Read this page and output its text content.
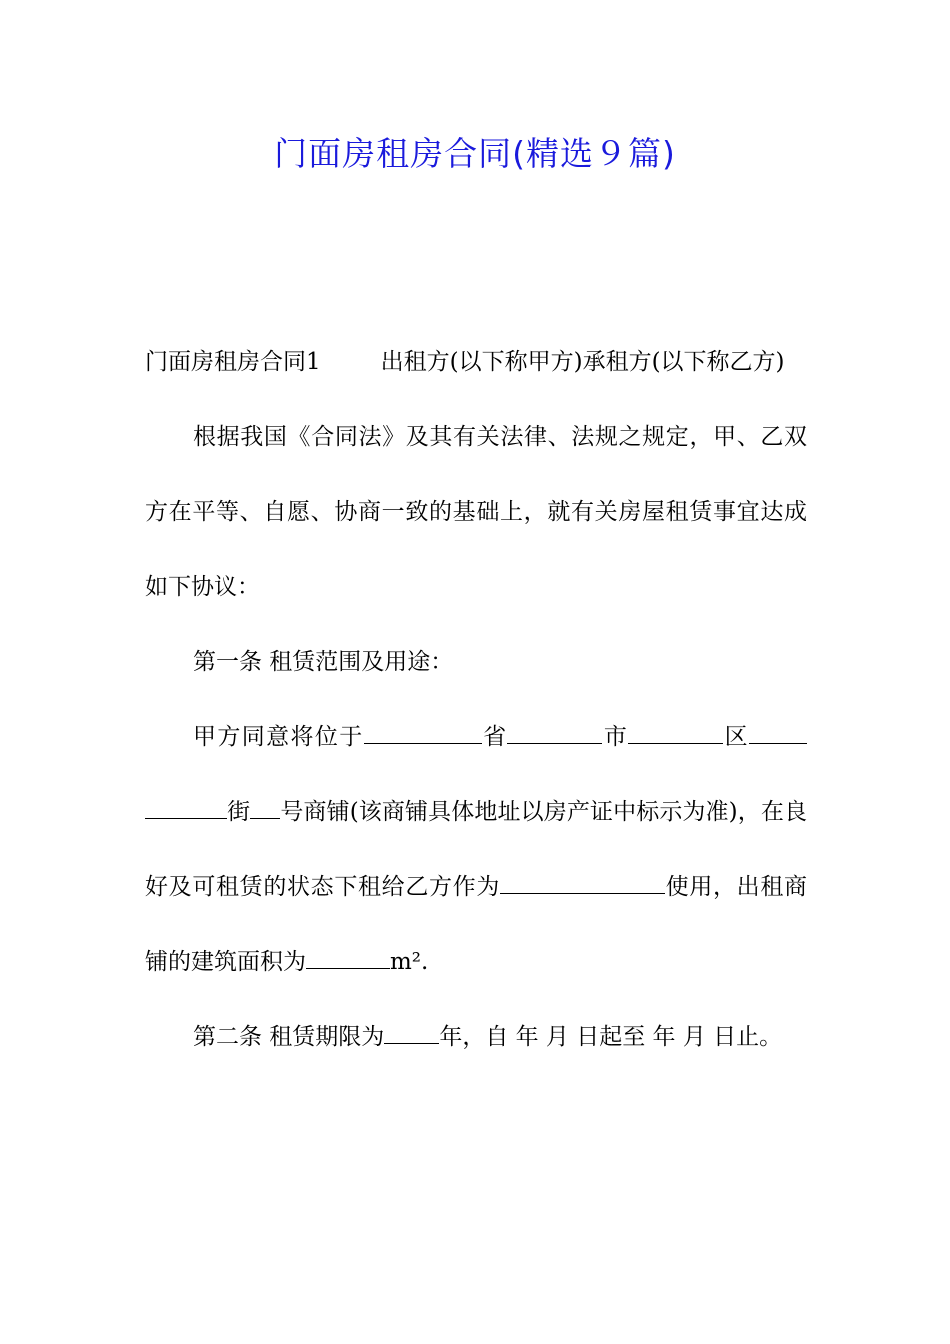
门面房租房合同(精选９篇)

门面房租房合同1	出租方(以下称甲方)承租方(以下称乙方)

根据我国《合同法》及其有关法律、法规之规定，甲、乙双方在平等、自愿、协商一致的基础上，就有关房屋租赁事宜达成如下协议：

第一条 租赁范围及用途：

甲方同意将位于	省	市	区街 号商铺(该商铺具体地址以房产证中标示为准)，在良好及可租赁的状态下租给乙方作为	使用，出租商铺的建筑面积为	m².

第二条 租赁期限为 年，自 年 月 日起至 年 月 日止。
